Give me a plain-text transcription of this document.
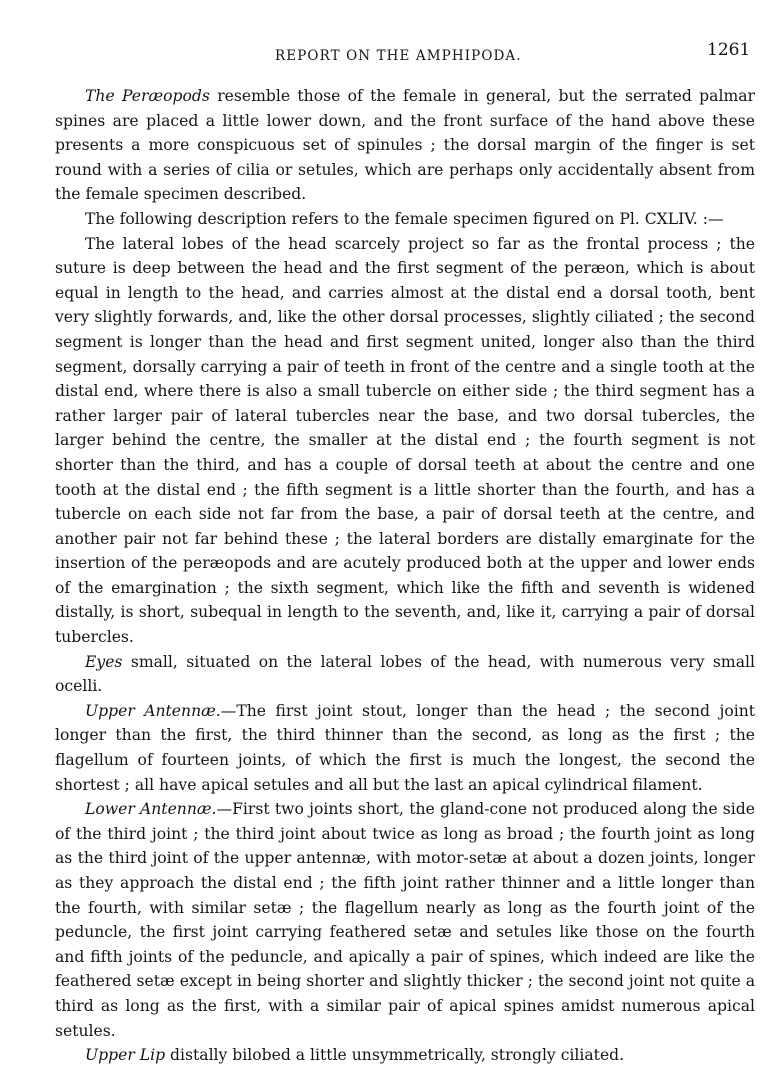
REPORT ON THE AMPHIPODA.	1261

The Peræopods resemble those of the female in general, but the serrated palmar spines are placed a little lower down, and the front surface of the hand above these presents a more conspicuous set of spinules ; the dorsal margin of the finger is set round with a series of cilia or setules, which are perhaps only accidentally absent from the female specimen described.

The following description refers to the female specimen figured on Pl. CXLIV. :—

The lateral lobes of the head scarcely project so far as the frontal process ; the suture is deep between the head and the first segment of the peræon, which is about equal in length to the head, and carries almost at the distal end a dorsal tooth, bent very slightly forwards, and, like the other dorsal processes, slightly ciliated ; the second segment is longer than the head and first segment united, longer also than the third segment, dorsally carrying a pair of teeth in front of the centre and a single tooth at the distal end, where there is also a small tubercle on either side ; the third segment has a rather larger pair of lateral tubercles near the base, and two dorsal tubercles, the larger behind the centre, the smaller at the distal end ; the fourth segment is not shorter than the third, and has a couple of dorsal teeth at about the centre and one tooth at the distal end ; the fifth segment is a little shorter than the fourth, and has a tubercle on each side not far from the base, a pair of dorsal teeth at the centre, and another pair not far behind these ; the lateral borders are distally emarginate for the insertion of the peræopods and are acutely produced both at the upper and lower ends of the emargination ; the sixth segment, which like the fifth and seventh is widened distally, is short, subequal in length to the seventh, and, like it, carrying a pair of dorsal tubercles.

Eyes small, situated on the lateral lobes of the head, with numerous very small ocelli.

Upper Antennæ.—The first joint stout, longer than the head ; the second joint longer than the first, the third thinner than the second, as long as the first ; the flagellum of fourteen joints, of which the first is much the longest, the second the shortest ; all have apical setules and all but the last an apical cylindrical filament.

Lower Antennæ.—First two joints short, the gland-cone not produced along the side of the third joint ; the third joint about twice as long as broad ; the fourth joint as long as the third joint of the upper antennæ, with motor-setæ at about a dozen joints, longer as they approach the distal end ; the fifth joint rather thinner and a little longer than the fourth, with similar setæ ; the flagellum nearly as long as the fourth joint of the peduncle, the first joint carrying feathered setæ and setules like those on the fourth and fifth joints of the peduncle, and apically a pair of spines, which indeed are like the feathered setæ except in being shorter and slightly thicker ; the second joint not quite a third as long as the first, with a similar pair of apical spines amidst numerous apical setules.

Upper Lip distally bilobed a little unsymmetrically, strongly ciliated.
